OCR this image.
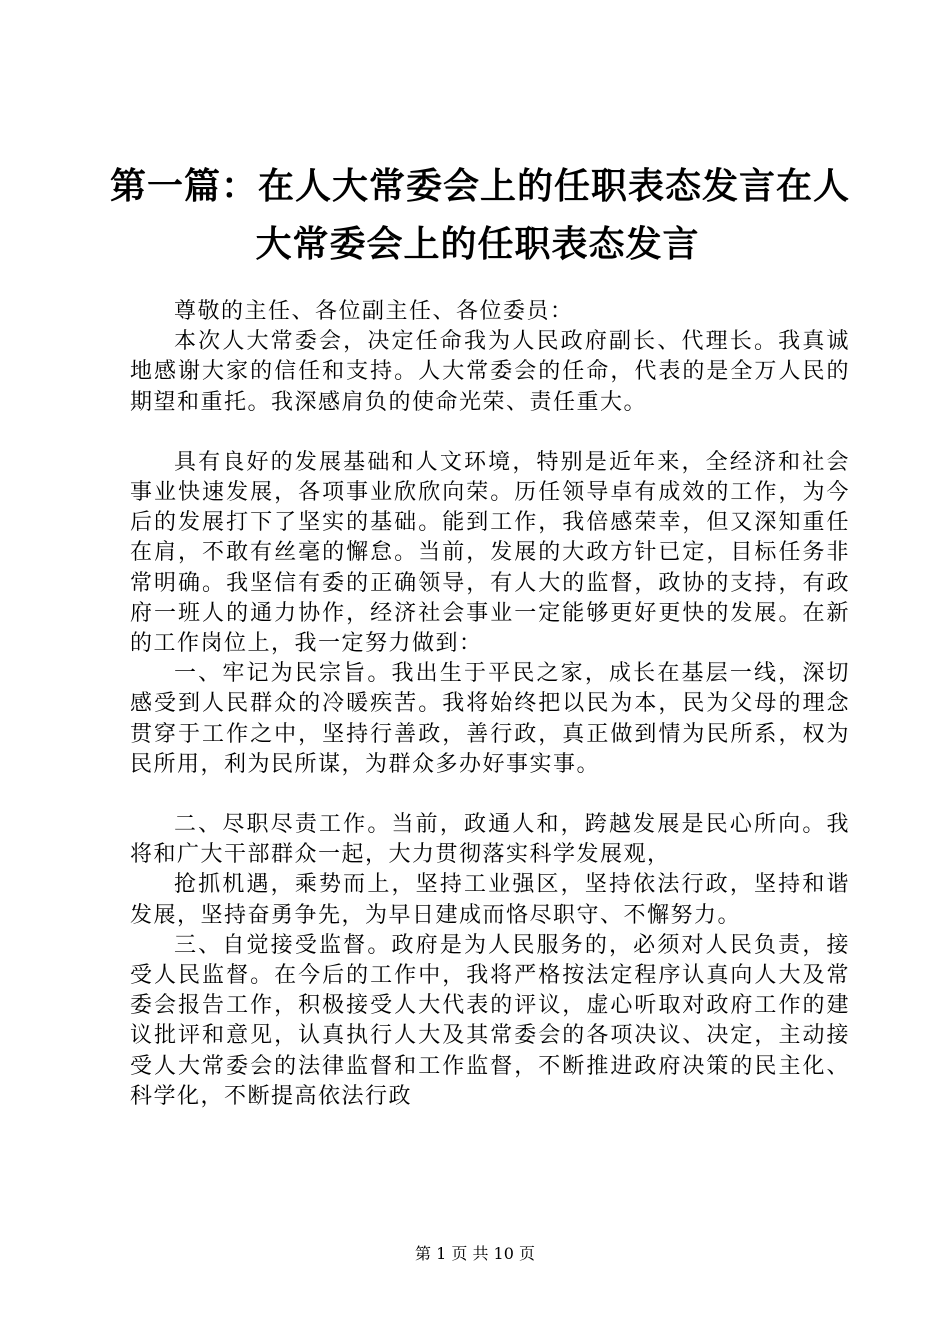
第一篇：在人大常委会上的任职表态发言在人
大常委会上的任职表态发言

尊敬的主任、各位副主任、各位委员：

本次人大常委会，决定任命我为人民政府副长、代理长。我真诚地感谢大家的信任和支持。人大常委会的任命，代表的是全万人民的期望和重托。我深感肩负的使命光荣、责任重大。

具有良好的发展基础和人文环境，特别是近年来，全经济和社会事业快速发展，各项事业欣欣向荣。历任领导卓有成效的工作，为今后的发展打下了坚实的基础。能到工作，我倍感荣幸，但又深知重任在肩，不敢有丝毫的懈怠。当前，发展的大政方针已定，目标任务非常明确。我坚信有委的正确领导，有人大的监督，政协的支持，有政府一班人的通力协作，经济社会事业一定能够更好更快的发展。在新的工作岗位上，我一定努力做到：

一、牢记为民宗旨。我出生于平民之家，成长在基层一线，深切感受到人民群众的冷暖疾苦。我将始终把以民为本，民为父母的理念贯穿于工作之中，坚持行善政，善行政，真正做到情为民所系，权为民所用，利为民所谋，为群众多办好事实事。

二、尽职尽责工作。当前，政通人和，跨越发展是民心所向。我将和广大干部群众一起，大力贯彻落实科学发展观，

抢抓机遇，乘势而上，坚持工业强区，坚持依法行政，坚持和谐发展，坚持奋勇争先，为早日建成而恪尽职守、不懈努力。

三、自觉接受监督。政府是为人民服务的，必须对人民负责，接受人民监督。在今后的工作中，我将严格按法定程序认真向人大及常委会报告工作，积极接受人大代表的评议，虚心听取对政府工作的建议批评和意见，认真执行人大及其常委会的各项决议、决定，主动接受人大常委会的法律监督和工作监督，不断推进政府决策的民主化、科学化，不断提高依法行政

第 1 页 共 10 页
